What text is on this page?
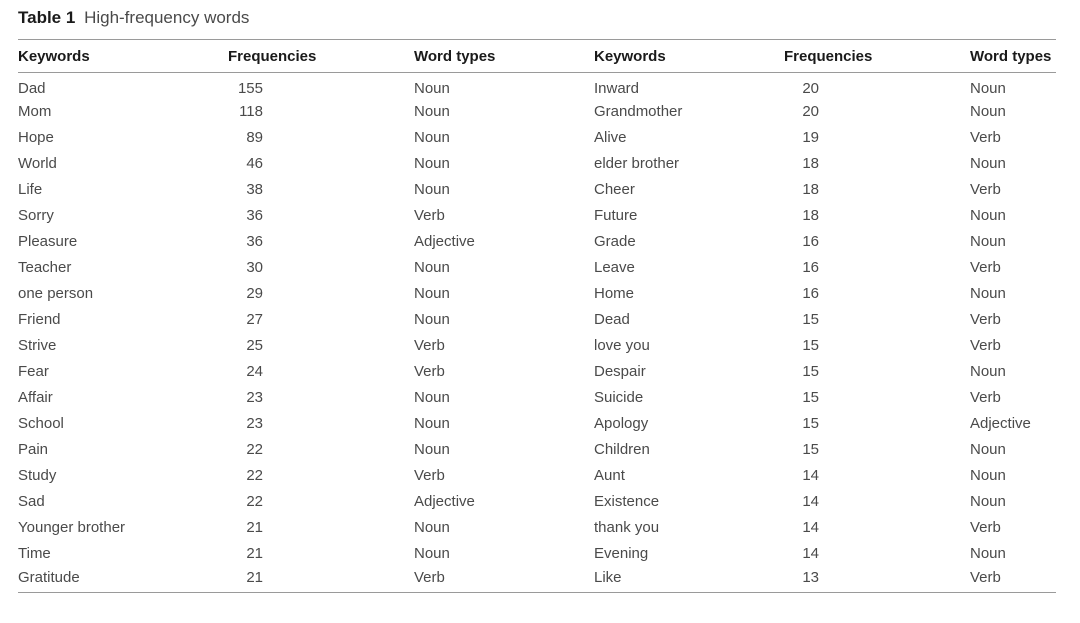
Table 1 High-frequency words
Keywords	Frequencies	Word types	Keywords	Frequencies	Word types
Dad	155	Noun	Inward	20	Noun
Mom	118	Noun	Grandmother	20	Noun
Hope	89	Noun	Alive	19	Verb
World	46	Noun	elder brother	18	Noun
Life	38	Noun	Cheer	18	Verb
Sorry	36	Verb	Future	18	Noun
Pleasure	36	Adjective	Grade	16	Noun
Teacher	30	Noun	Leave	16	Verb
one person	29	Noun	Home	16	Noun
Friend	27	Noun	Dead	15	Verb
Strive	25	Verb	love you	15	Verb
Fear	24	Verb	Despair	15	Noun
Affair	23	Noun	Suicide	15	Verb
School	23	Noun	Apology	15	Adjective
Pain	22	Noun	Children	15	Noun
Study	22	Verb	Aunt	14	Noun
Sad	22	Adjective	Existence	14	Noun
Younger brother	21	Noun	thank you	14	Verb
Time	21	Noun	Evening	14	Noun
Gratitude	21	Verb	Like	13	Verb
